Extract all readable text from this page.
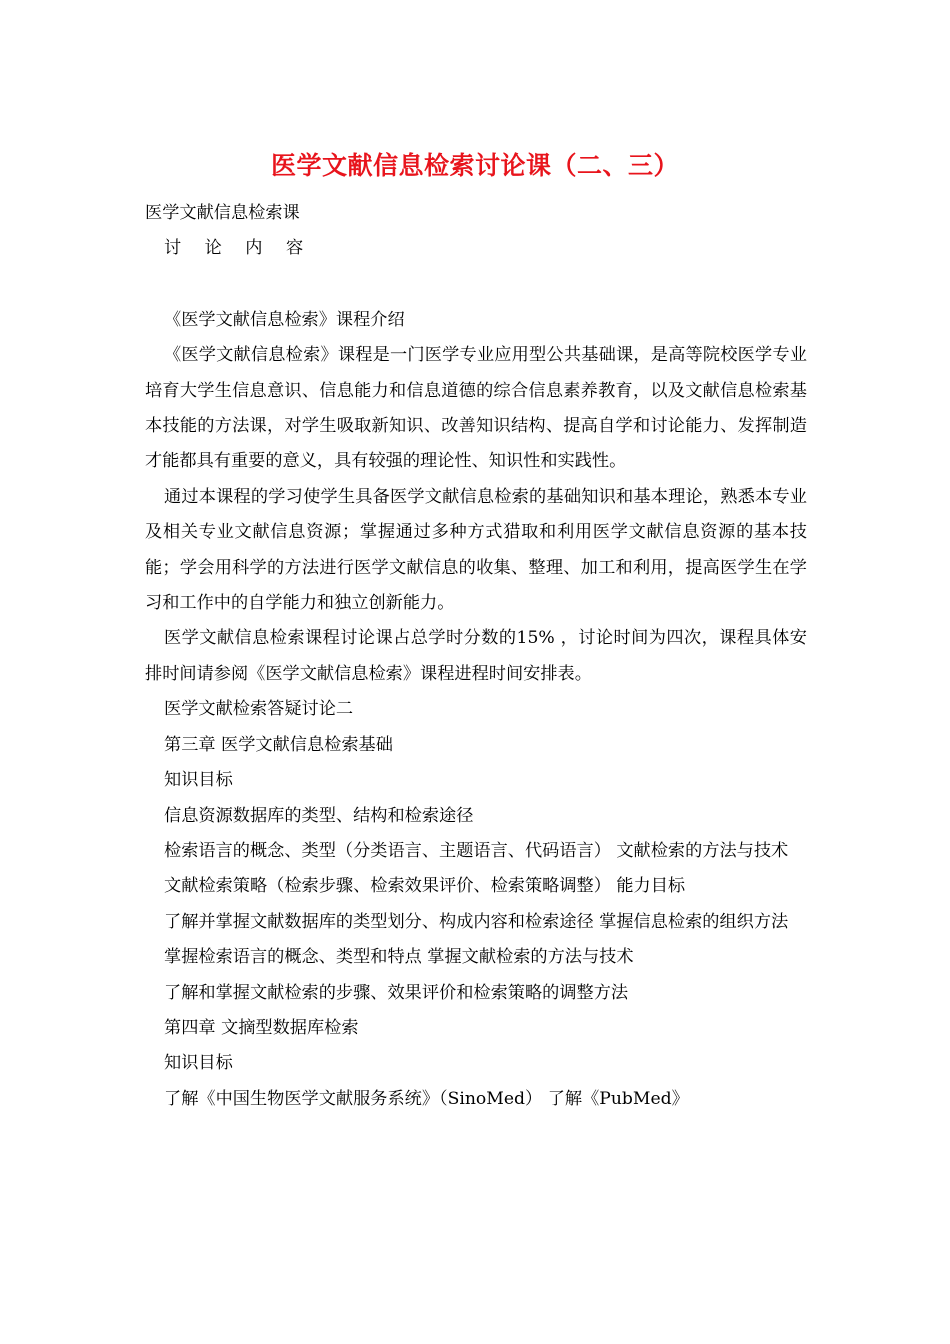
医学文献信息检索讨论课（二、三）

医学文献信息检索课

讨 论 内 容

《医学文献信息检索》课程介绍

《医学文献信息检索》课程是一门医学专业应用型公共基础课，是高等院校医学专业培育大学生信息意识、信息能力和信息道德的综合信息素养教育，以及文献信息检索基本技能的方法课，对学生吸取新知识、改善知识结构、提高自学和讨论能力、发挥制造才能都具有重要的意义，具有较强的理论性、知识性和实践性。

通过本课程的学习使学生具备医学文献信息检索的基础知识和基本理论，熟悉本专业及相关专业文献信息资源；掌握通过多种方式猎取和利用医学文献信息资源的基本技能；学会用科学的方法进行医学文献信息的收集、整理、加工和利用，提高医学生在学习和工作中的自学能力和独立创新能力。

医学文献信息检索课程讨论课占总学时分数的15% ，讨论时间为四次，课程具体安排时间请参阅《医学文献信息检索》课程进程时间安排表。

医学文献检索答疑讨论二

第三章 医学文献信息检索基础

知识目标

信息资源数据库的类型、结构和检索途径

检索语言的概念、类型（分类语言、主题语言、代码语言） 文献检索的方法与技术

文献检索策略（检索步骤、检索效果评价、检索策略调整） 能力目标

了解并掌握文献数据库的类型划分、构成内容和检索途径 掌握信息检索的组织方法

掌握检索语言的概念、类型和特点 掌握文献检索的方法与技术

了解和掌握文献检索的步骤、效果评价和检索策略的调整方法

第四章 文摘型数据库检索

知识目标

了解《中国生物医学文献服务系统》（SinoMed） 了解《PubMed》
